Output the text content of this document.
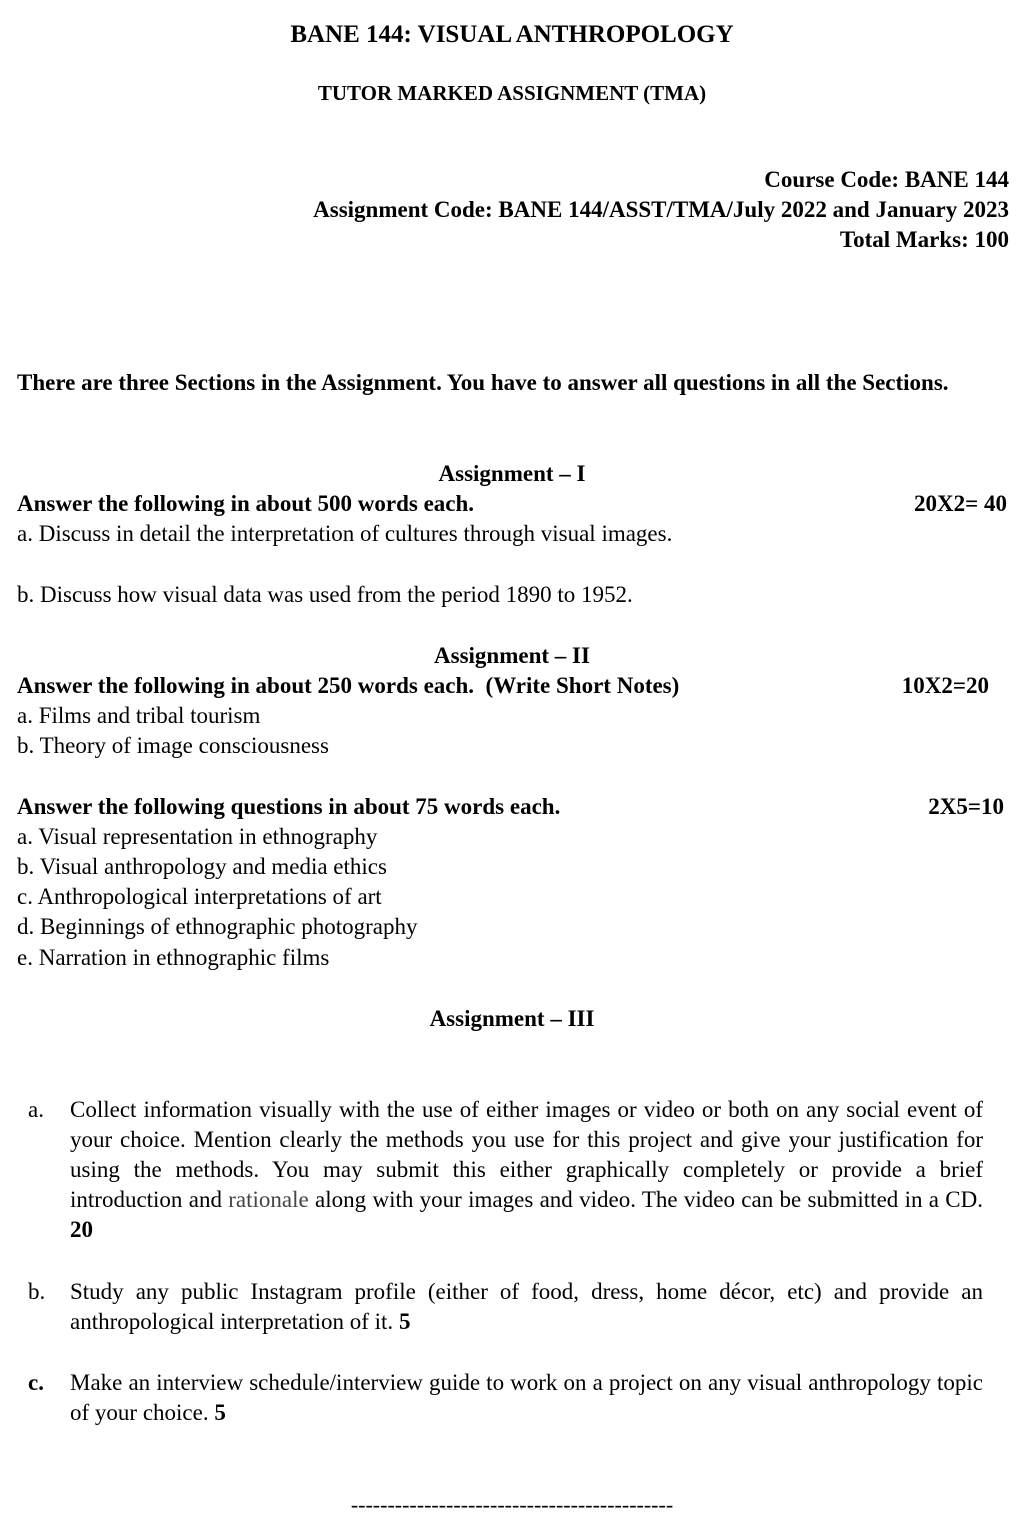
BANE 144: VISUAL ANTHROPOLOGY
TUTOR MARKED ASSIGNMENT (TMA)
Course Code: BANE 144
Assignment Code: BANE 144/ASST/TMA/July 2022 and January 2023
Total Marks: 100
There are three Sections in the Assignment. You have to answer all questions in all the Sections.
Assignment – I
Answer the following in about 500 words each.	20X2= 40
a. Discuss in detail the interpretation of cultures through visual images.
b. Discuss how visual data was used from the period 1890 to 1952.
Assignment – II
Answer the following in about 250 words each.  (Write Short Notes)	10X2=20
a. Films and tribal tourism
b. Theory of image consciousness
Answer the following questions in about 75 words each.	2X5=10
a. Visual representation in ethnography
b. Visual anthropology and media ethics
c. Anthropological interpretations of art
d. Beginnings of ethnographic photography
e. Narration in ethnographic films
Assignment – III
a.	Collect information visually with the use of either images or video or both on any social event of your choice. Mention clearly the methods you use for this project and give your justification for using the methods. You may submit this either graphically completely or provide a brief introduction and rationale along with your images and video. The video can be submitted in a CD. 20
b.	Study any public Instagram profile (either of food, dress, home décor, etc) and provide an anthropological interpretation of it. 5
c.	Make an interview schedule/interview guide to work on a project on any visual anthropology topic of your choice. 5
--------------------------------------------
